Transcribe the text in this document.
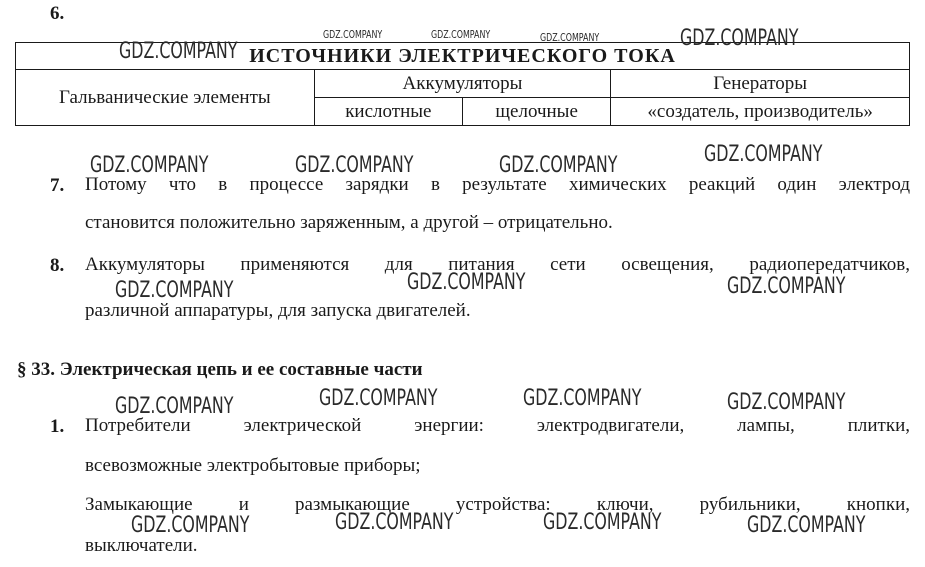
6.
ИСТОЧНИКИ ЭЛЕКТРИЧЕСКОГО ТОКА			
Гальванические элементы	Аккумуляторы		Генераторы
	кислотные	щелочные	«создатель, производитель»
7. Потому что в процессе зарядки в результате химических реакций один электрод
становится положительно заряженным, а другой – отрицательно.
8. Аккумуляторы применяются для питания сети освещения, радиопередатчиков,
различной аппаратуры, для запуска двигателей.
§ 33. Электрическая цепь и ее составные части
1. Потребители электрической энергии: электродвигатели, лампы, плитки,
всевозможные электробытовые приборы;
Замыкающие и размыкающие устройства: ключи, рубильники, кнопки,
выключатели.
GDZ.COMPANY	GDZ.COMPANY	GDZ.COMPANY	GDZ.COMPANY
GDZ.COMPANY
GDZ.COMPANY	GDZ.COMPANY	GDZ.COMPANY	GDZ.COMPANY
GDZ.COMPANY	GDZ.COMPANY	GDZ.COMPANY
GDZ.COMPANY	GDZ.COMPANY	GDZ.COMPANY	GDZ.COMPANY
GDZ.COMPANY	GDZ.COMPANY	GDZ.COMPANY	GDZ.COMPANY
